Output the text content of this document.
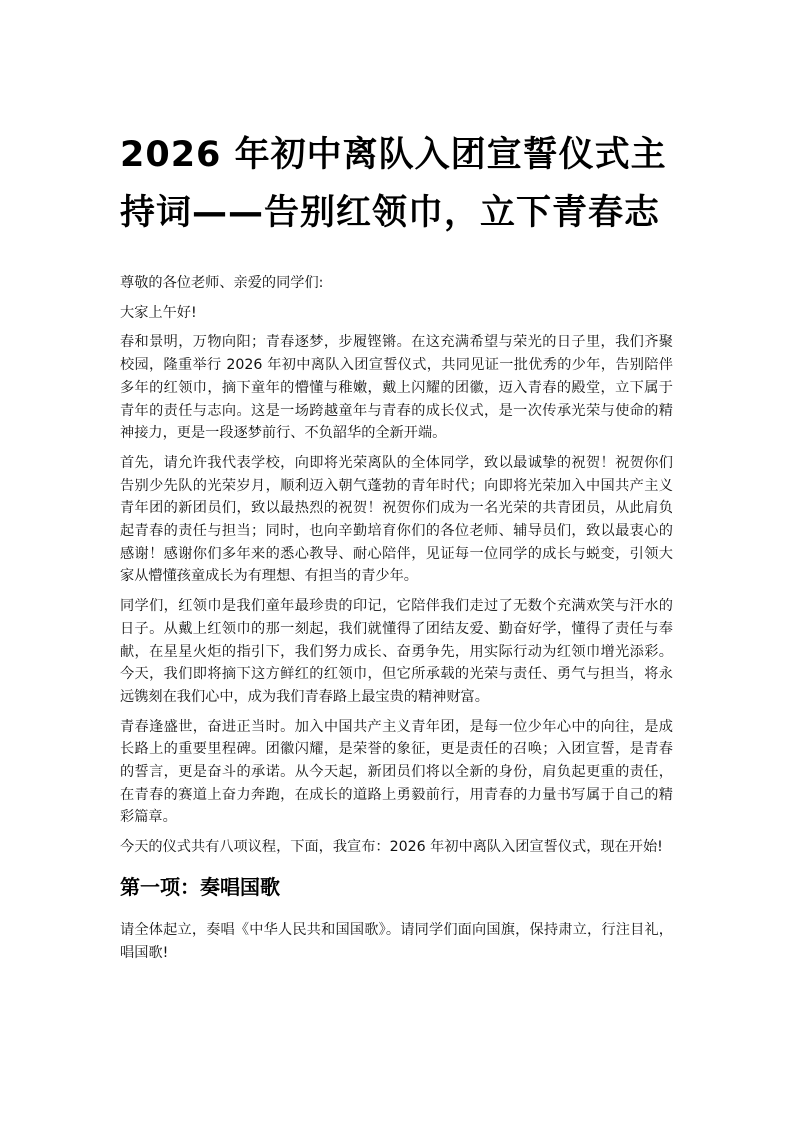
2026 年初中离队入团宣誓仪式主持词——告别红领巾，立下青春志

尊敬的各位老师、亲爱的同学们:

大家上午好!

春和景明，万物向阳；青春逐梦，步履铿锵。在这充满希望与荣光的日子里，我们齐聚校园，隆重举行 2026 年初中离队入团宣誓仪式，共同见证一批优秀的少年，告别陪伴多年的红领巾，摘下童年的懵懂与稚嫩，戴上闪耀的团徽，迈入青春的殿堂，立下属于青年的责任与志向。这是一场跨越童年与青春的成长仪式，是一次传承光荣与使命的精神接力，更是一段逐梦前行、不负韶华的全新开端。

首先，请允许我代表学校，向即将光荣离队的全体同学，致以最诚挚的祝贺！祝贺你们告别少先队的光荣岁月，顺利迈入朝气蓬勃的青年时代；向即将光荣加入中国共产主义青年团的新团员们，致以最热烈的祝贺！祝贺你们成为一名光荣的共青团员，从此肩负起青春的责任与担当；同时，也向辛勤培育你们的各位老师、辅导员们，致以最衷心的感谢！感谢你们多年来的悉心教导、耐心陪伴，见证每一位同学的成长与蜕变，引领大家从懵懂孩童成长为有理想、有担当的青少年。

同学们，红领巾是我们童年最珍贵的印记，它陪伴我们走过了无数个充满欢笑与汗水的日子。从戴上红领巾的那一刻起，我们就懂得了团结友爱、勤奋好学，懂得了责任与奉献，在星星火炬的指引下，我们努力成长、奋勇争先，用实际行动为红领巾增光添彩。今天，我们即将摘下这方鲜红的红领巾，但它所承载的光荣与责任、勇气与担当，将永远镌刻在我们心中，成为我们青春路上最宝贵的精神财富。

青春逢盛世，奋进正当时。加入中国共产主义青年团，是每一位少年心中的向往，是成长路上的重要里程碑。团徽闪耀，是荣誉的象征，更是责任的召唤；入团宣誓，是青春的誓言，更是奋斗的承诺。从今天起，新团员们将以全新的身份，肩负起更重的责任，在青春的赛道上奋力奔跑，在成长的道路上勇毅前行，用青春的力量书写属于自己的精彩篇章。

今天的仪式共有八项议程，下面，我宣布：2026 年初中离队入团宣誓仪式，现在开始!

第一项：奏唱国歌

请全体起立，奏唱《中华人民共和国国歌》。请同学们面向国旗，保持肃立，行注目礼，唱国歌!
